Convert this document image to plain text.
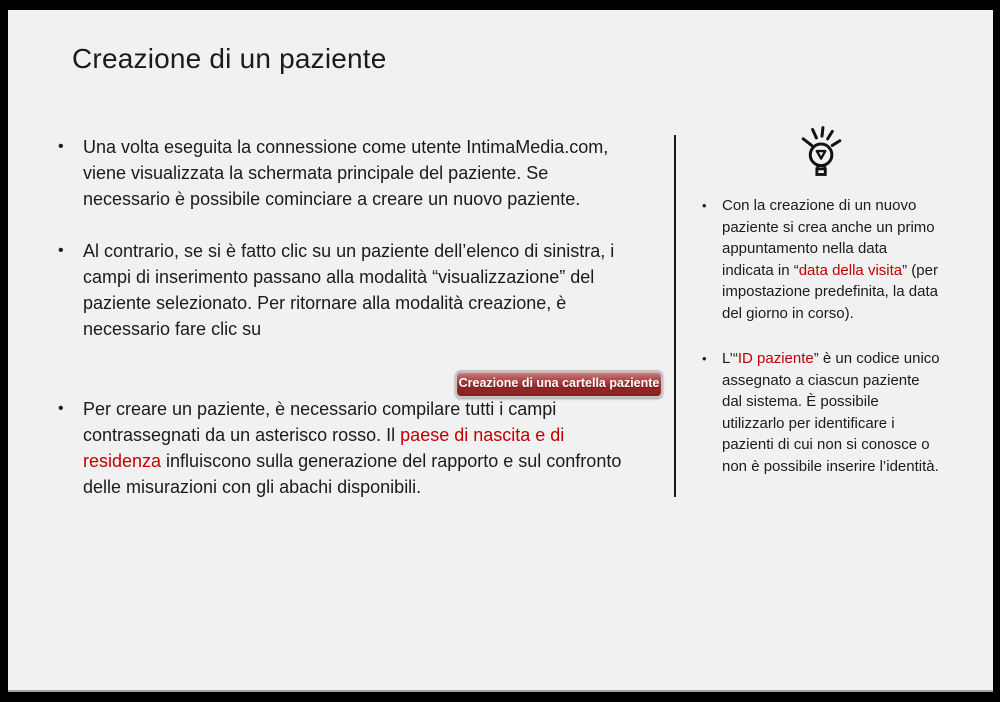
Creazione di un paziente
• Una volta eseguita la connessione come utente IntimaMedia.com, viene visualizzata la schermata principale del paziente. Se necessario è possibile cominciare a creare un nuovo paziente.
• Al contrario, se si è fatto clic su un paziente dell’elenco di sinistra, i campi di inserimento passano alla modalità “visualizzazione” del paziente selezionato. Per ritornare alla modalità creazione, è necessario fare clic su
• Per creare un paziente, è necessario compilare tutti i campi contrassegnati da un asterisco rosso. Il paese di nascita e di residenza influiscono sulla generazione del rapporto e sul confronto delle misurazioni con gli abachi disponibili.
Creazione di una cartella paziente
• Con la creazione di un nuovo paziente si crea anche un primo appuntamento nella data indicata in “data della visita” (per impostazione predefinita, la data del giorno in corso).
• L’“ID paziente” è un codice unico assegnato a ciascun paziente dal sistema. È possibile utilizzarlo per identificare i pazienti di cui non si conosce o non è possibile inserire l’identità.
